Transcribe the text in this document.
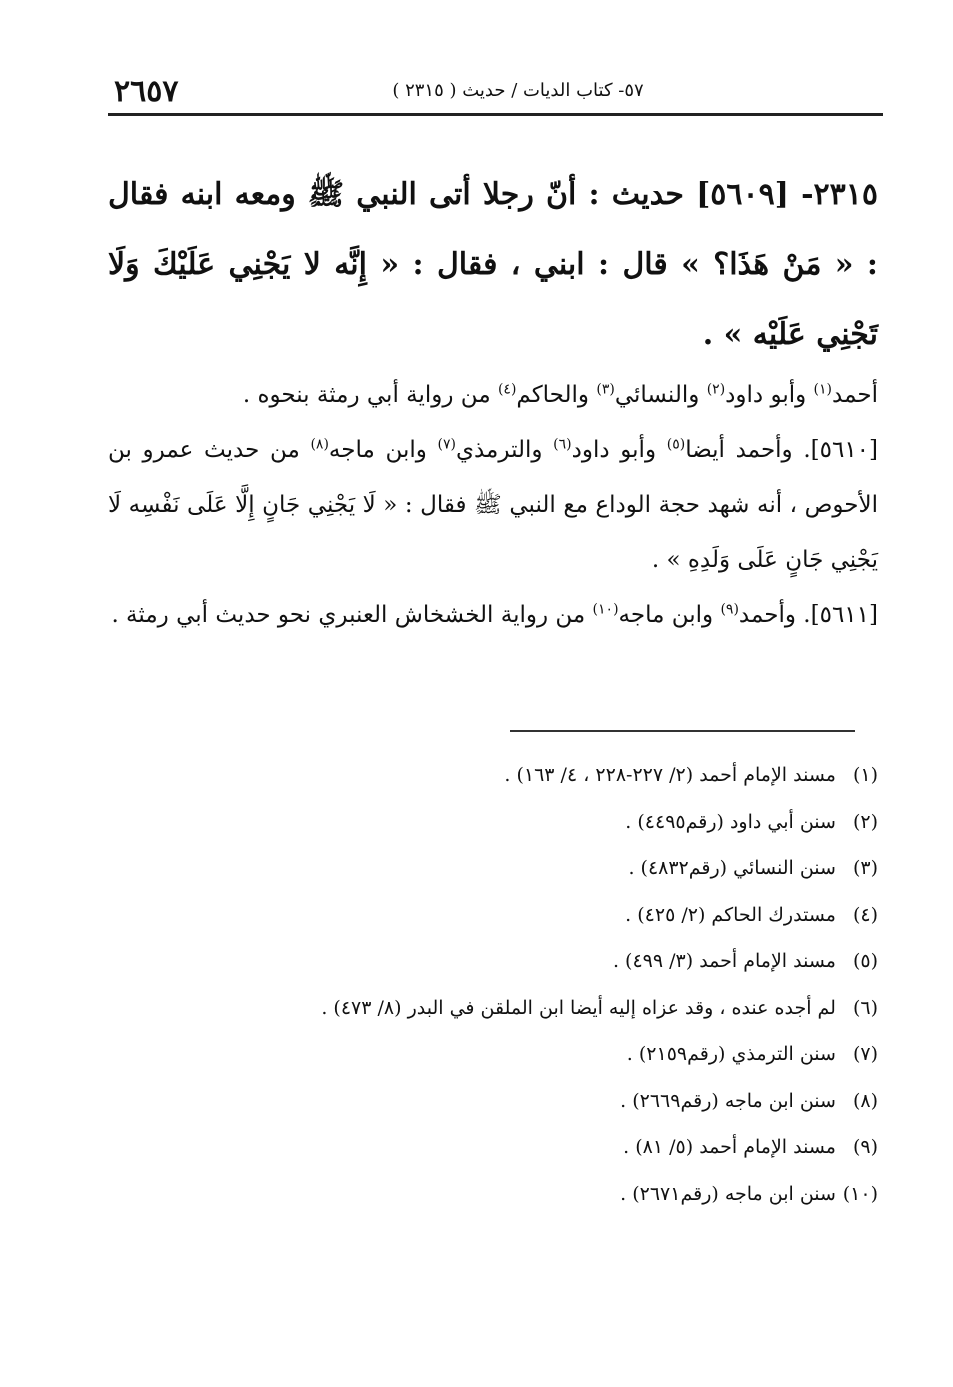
٥٧- كتاب الديات / حديث ( ٢٣١٥ )
٢٦٥٧
٢٣١٥- [٥٦٠٩] حديث : أنّ رجلا أتى النبي ﷺ ومعه ابنه فقال : « مَنْ هَذَا؟ » قال : ابني ، فقال : « إِنَّه لا يَجْنِي عَلَيْكَ وَلَا تَجْنِي عَلَيْه » .

أحمد$^{(١)}$ وأبو داود$^{(٢)}$ والنسائي$^{(٣)}$ والحاكم$^{(٤)}$ من رواية أبي رمثة بنحوه .

[٥٦١٠]. وأحمد أيضا$^{(٥)}$ وأبو داود$^{(٦)}$ والترمذي$^{(٧)}$ وابن ماجه$^{(٨)}$ من حديث عمرو بن الأحوص ، أنه شهد حجة الوداع مع النبي ﷺ فقال : « لَا يَجْنِي جَانٍ إِلَّا عَلَى نَفْسِه لَا يَجْنِي جَانٍ عَلَى وَلَدِهِ » .

[٥٦١١]. وأحمد$^{(٩)}$ وابن ماجه$^{(١٠)}$ من رواية الخشخاش العنبري نحو حديث أبي رمثة .

(١) مسند الإمام أحمد (٢/ ٢٢٧-٢٢٨ ، ٤/ ١٦٣) .
(٢) سنن أبي داود (رقم٤٤٩٥) .
(٣) سنن النسائي (رقم٤٨٣٢) .
(٤) مستدرك الحاكم (٢/ ٤٢٥) .
(٥) مسند الإمام أحمد (٣/ ٤٩٩) .
(٦) لم أجده عنده ، وقد عزاه إليه أيضا ابن الملقن في البدر (٨/ ٤٧٣) .
(٧) سنن الترمذي (رقم٢١٥٩) .
(٨) سنن ابن ماجه (رقم٢٦٦٩) .
(٩) مسند الإمام أحمد (٥/ ٨١) .
(١٠) سنن ابن ماجه (رقم٢٦٧١) .
